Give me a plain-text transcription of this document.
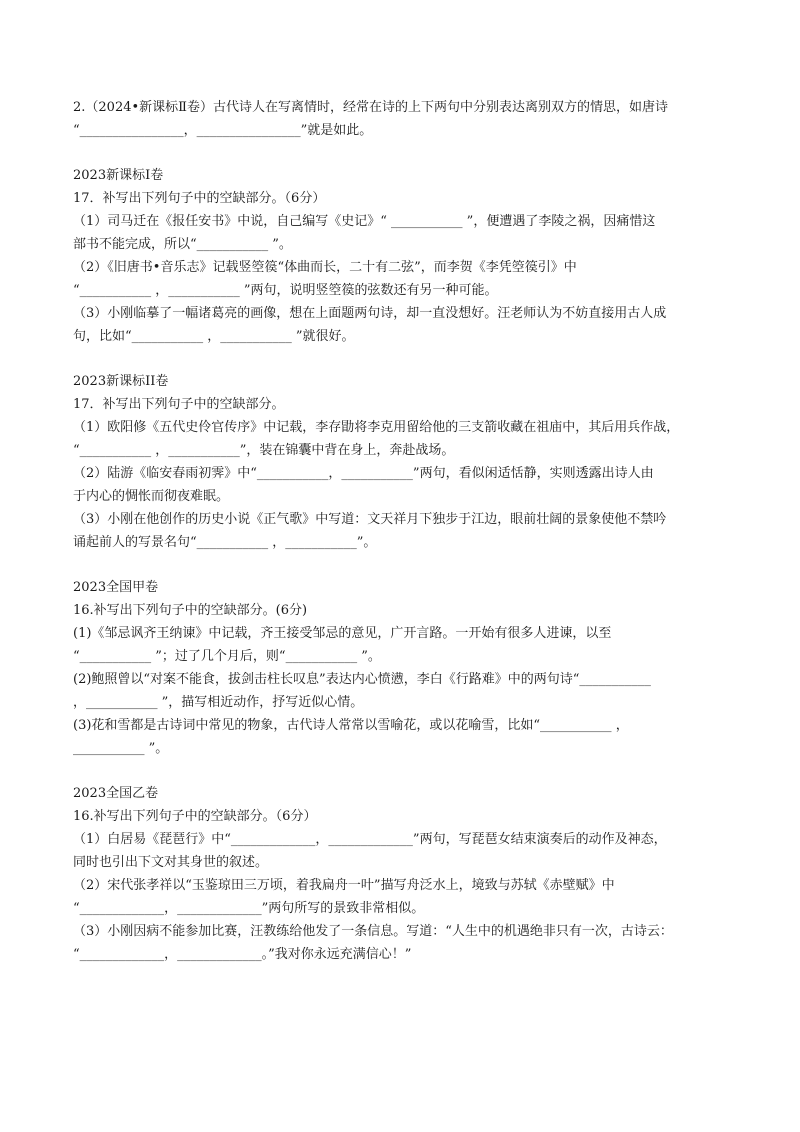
2.（2024•新课标Ⅱ卷）古代诗人在写离情时，经常在诗的上下两句中分别表达离别双方的情思，如唐诗
“________________，________________”就是如此。
2023新课标I卷
17．补写出下列句子中的空缺部分。（6分）
（1）司马迁在《报任安书》中说，自己编写《史记》“ ___________ ”，便遭遇了李陵之祸，因痛惜这
部书不能完成，所以“___________ ”。
（2）《旧唐书•音乐志》记载竖箜篌“体曲而长，二十有二弦”，而李贺《李凭箜篌引》中
“___________ ，___________ ”两句，说明竖箜篌的弦数还有另一种可能。
（3）小刚临摹了一幅诸葛亮的画像，想在上面题两句诗，却一直没想好。汪老师认为不妨直接用古人成
句，比如“___________ ，___________ ”就很好。
2023新课标II卷
17．补写出下列句子中的空缺部分。
（1）欧阳修《五代史伶官传序》中记载，李存勖将李克用留给他的三支箭收藏在祖庙中，其后用兵作战，
“___________ ，___________”，装在锦囊中背在身上，奔赴战场。
（2）陆游《临安春雨初霁》中“___________，___________”两句，看似闲适恬静，实则透露出诗人由
于内心的惆怅而彻夜难眠。
（3）小刚在他创作的历史小说《正气歌》中写道：文天祥月下独步于江边，眼前壮阔的景象使他不禁吟
诵起前人的写景名句“___________ ，___________”。
2023全国甲卷
16.补写出下列句子中的空缺部分。(6分)
(1)《邹忌讽齐王纳谏》中记载，齐王接受邹忌的意见，广开言路。一开始有很多人进谏，以至
“___________ ”；过了几个月后，则“___________ ”。
(2)鲍照曾以“对案不能食，拔剑击柱长叹息”表达内心愤懑，李白《行路难》中的两句诗“___________
，___________ ”，描写相近动作，抒写近似心情。
(3)花和雪都是古诗词中常见的物象，古代诗人常常以雪喻花，或以花喻雪，比如“___________ ，
___________ ”。
2023全国乙卷
16.补写出下列句子中的空缺部分。（6分）
（1）白居易《琵琶行》中“_____________，_____________”两句，写琵琶女结束演奏后的动作及神态，
同时也引出下文对其身世的叙述。
（2）宋代张孝祥以“玉鉴琼田三万顷，着我扁舟一叶”描写舟泛水上，境致与苏轼《赤壁赋》中
“_____________，_____________”两句所写的景致非常相似。
（3）小刚因病不能参加比赛，汪教练给他发了一条信息。写道：“人生中的机遇绝非只有一次，古诗云：
“_____________，_____________。”我对你永远充满信心！”
